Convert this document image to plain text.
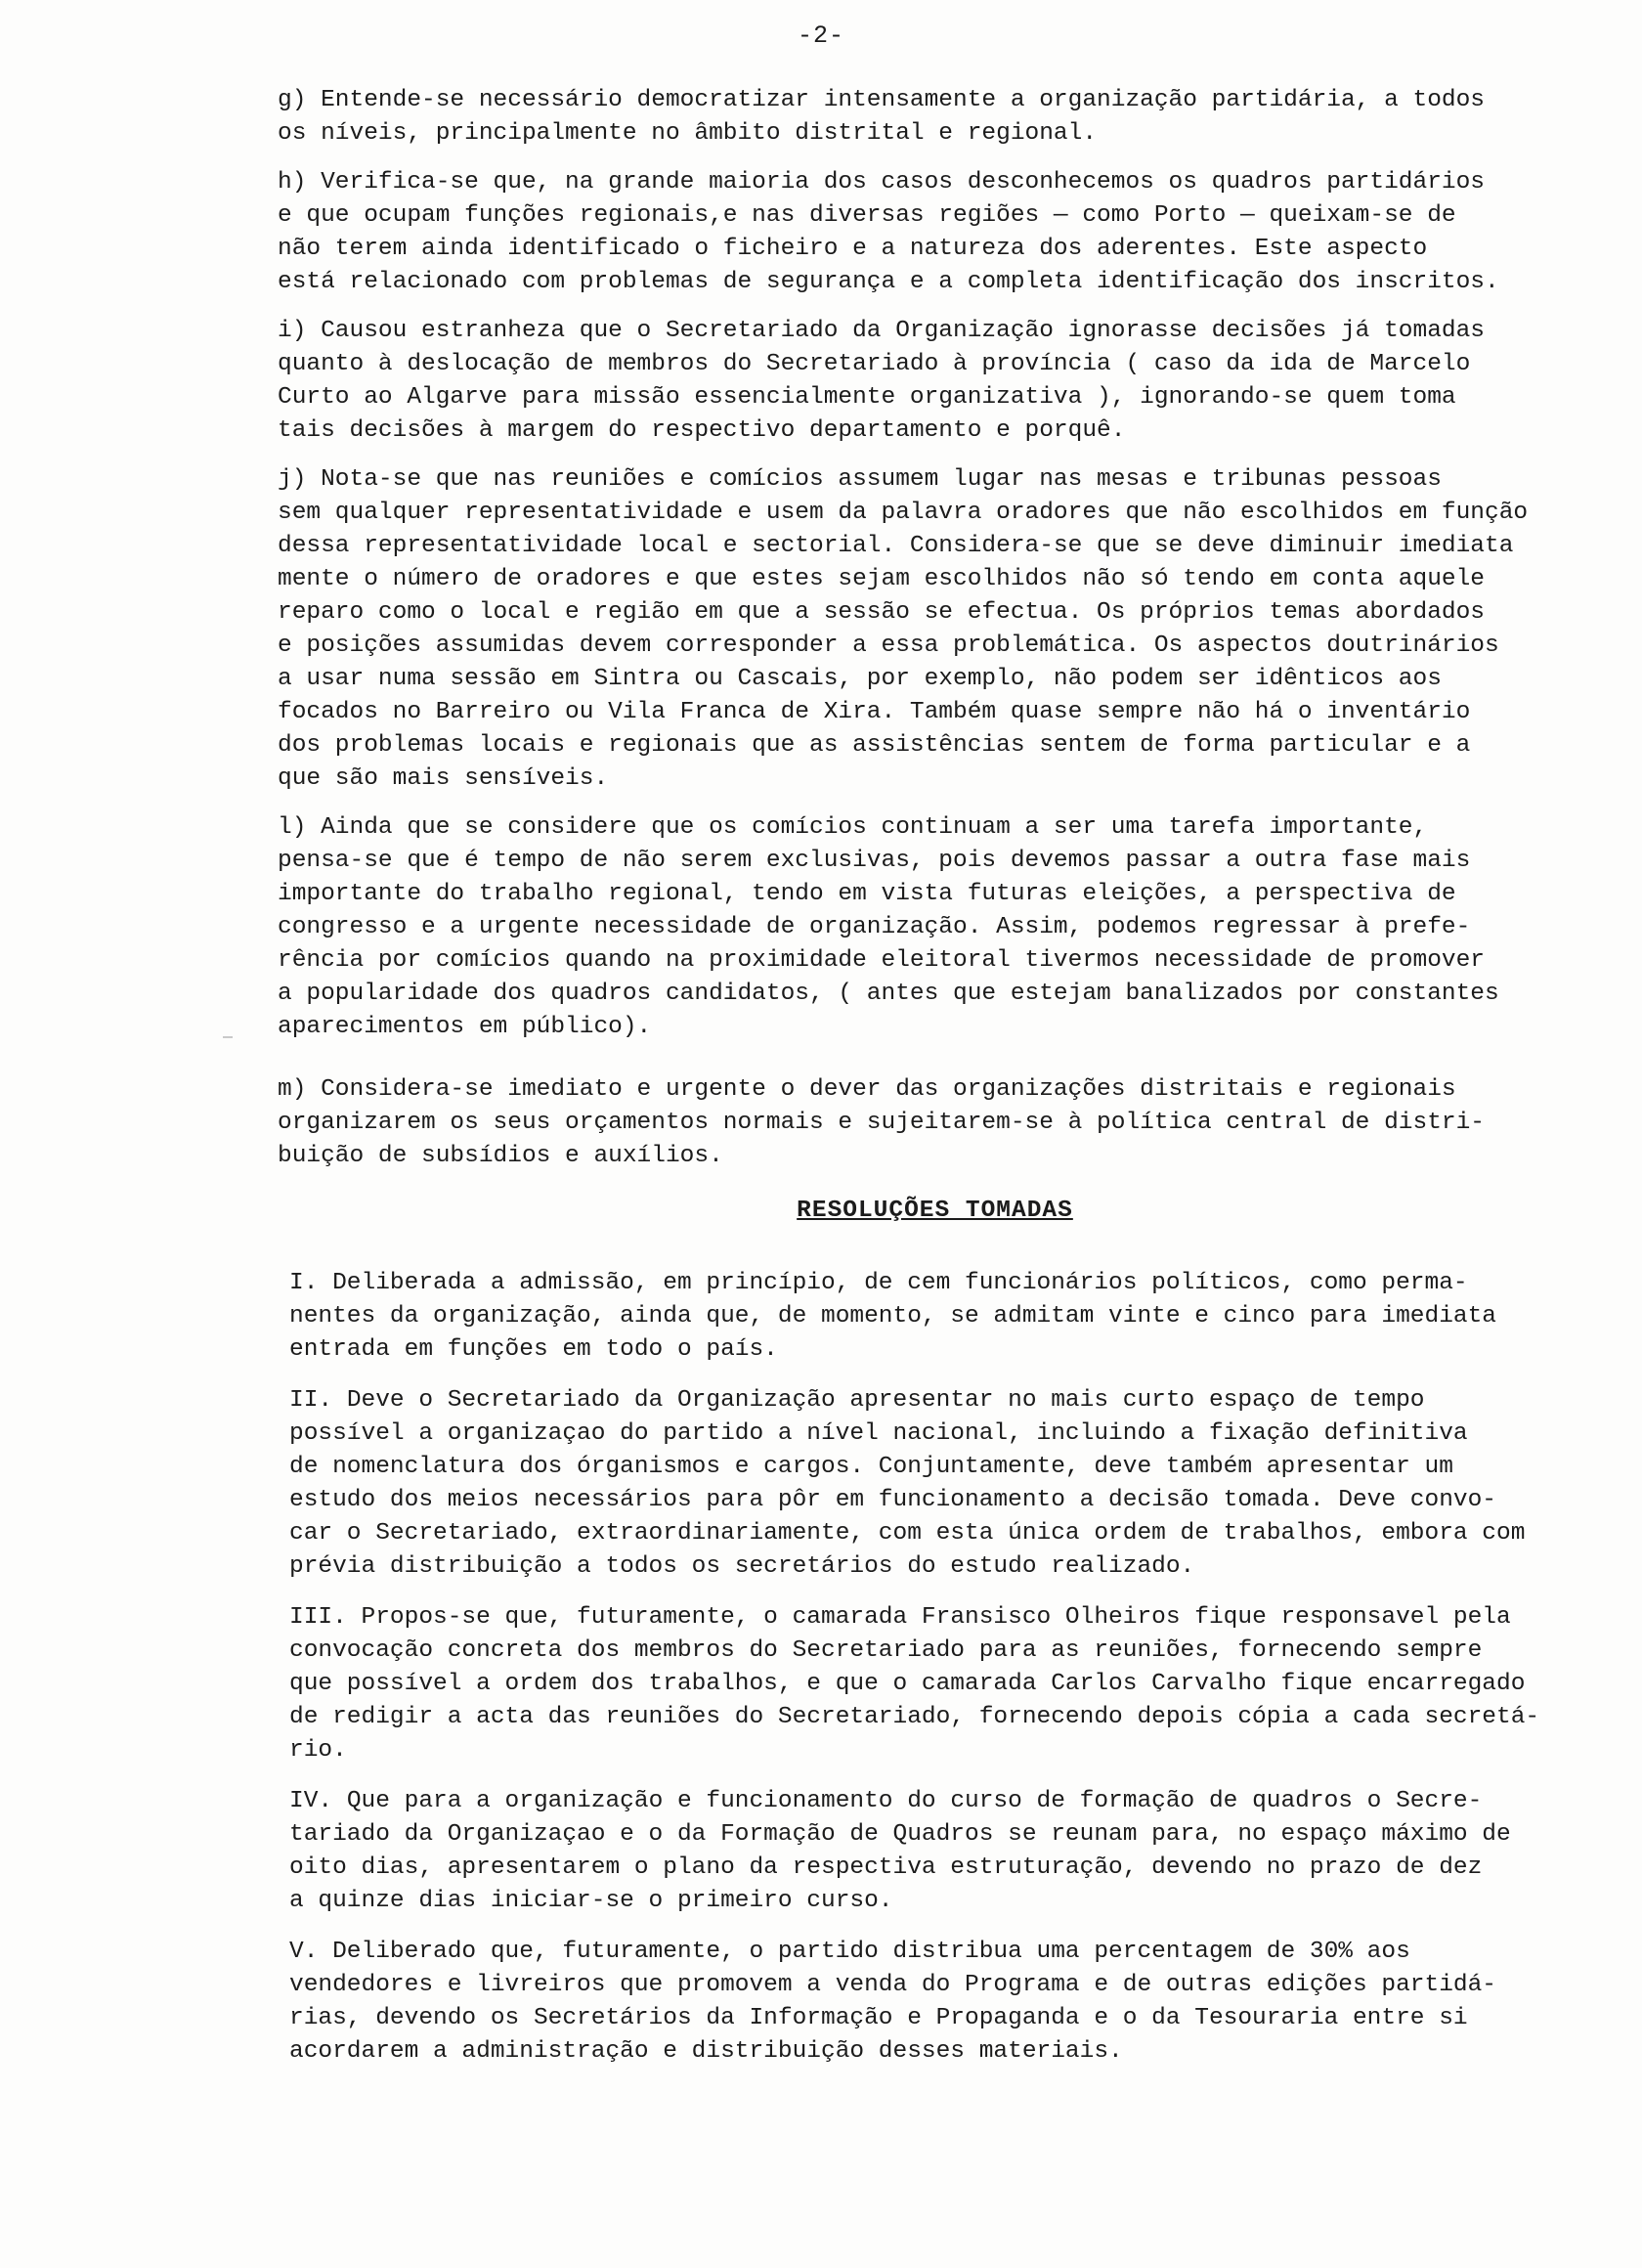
-2-

g) Entende-se necessário democratizar intensamente a organização partidária, a todos
os níveis, principalmente no âmbito distrital e regional.

h) Verifica-se que, na grande maioria dos casos desconhecemos os quadros partidários
e que ocupam funções regionais,e nas diversas regiões — como Porto — queixam-se de
não terem ainda identificado o ficheiro e a natureza dos aderentes. Este aspecto
está relacionado com problemas de segurança e a completa identificação dos inscritos.

i) Causou estranheza que o Secretariado da Organização ignorasse decisões já tomadas
quanto à deslocação de membros do Secretariado à província ( caso da ida de Marcelo
Curto ao Algarve para missão essencialmente organizativa ), ignorando-se quem toma
tais decisões à margem do respectivo departamento e porquê.

j) Nota-se que nas reuniões e comícios assumem lugar nas mesas e tribunas pessoas
sem qualquer representatividade e usem da palavra oradores que não escolhidos em função
dessa representatividade local e sectorial. Considera-se que se deve diminuir imediata
mente o número de oradores e que estes sejam escolhidos não só tendo em conta aquele
reparo como o local e região em que a sessão se efectua. Os próprios temas abordados
e posições assumidas devem corresponder a essa problemática. Os aspectos doutrinários
a usar numa sessão em Sintra ou Cascais, por exemplo, não podem ser idênticos aos
focados no Barreiro ou Vila Franca de Xira. Também quase sempre não há o inventário
dos problemas locais e regionais que as assistências sentem de forma particular e a
que são mais sensíveis.

l) Ainda que se considere que os comícios continuam a ser uma tarefa importante,
pensa-se que é tempo de não serem exclusivas, pois devemos passar a outra fase mais
importante do trabalho regional, tendo em vista futuras eleições, a perspectiva de
congresso e a urgente necessidade de organização. Assim, podemos regressar à prefe-
rência por comícios quando na proximidade eleitoral tivermos necessidade de promover
a popularidade dos quadros candidatos, ( antes que estejam banalizados por constantes
aparecimentos em público).

m) Considera-se imediato e urgente o dever das organizações distritais e regionais
organizarem os seus orçamentos normais e sujeitarem-se à política central de distri-
buição de subsídios e auxílios.

RESOLUÇÕES TOMADAS

I. Deliberada a admissão, em princípio, de cem funcionários políticos, como perma-
nentes da organização, ainda que, de momento, se admitam vinte e cinco para imediata
entrada em funções em todo o país.

II. Deve o Secretariado da Organização apresentar no mais curto espaço de tempo
possível a organizaçao do partido a nível nacional, incluindo a fixação definitiva
de nomenclatura dos órganismos e cargos. Conjuntamente, deve também apresentar um
estudo dos meios necessários para pôr em funcionamento a decisão tomada. Deve convo-
car o Secretariado, extraordinariamente, com esta única ordem de trabalhos, embora com
prévia distribuição a todos os secretários do estudo realizado.

III. Propos-se que, futuramente, o camarada Fransisco Olheiros fique responsavel pela
convocação concreta dos membros do Secretariado para as reuniões, fornecendo sempre
que possível a ordem dos trabalhos, e que o camarada Carlos Carvalho fique encarregado
de redigir a acta das reuniões do Secretariado, fornecendo depois cópia a cada secretá-
rio.

IV. Que para a organização e funcionamento do curso de formação de quadros o Secre-
tariado da Organizaçao e o da Formação de Quadros se reunam para, no espaço máximo de
oito dias, apresentarem o plano da respectiva estruturação, devendo no prazo de dez
a quinze dias iniciar-se o primeiro curso.

V. Deliberado que, futuramente, o partido distribua uma percentagem de 30% aos
vendedores e livreiros que promovem a venda do Programa e de outras edições partidá-
rias, devendo os Secretários da Informação e Propaganda e o da Tesouraria entre si
acordarem a administração e distribuição desses materiais.
